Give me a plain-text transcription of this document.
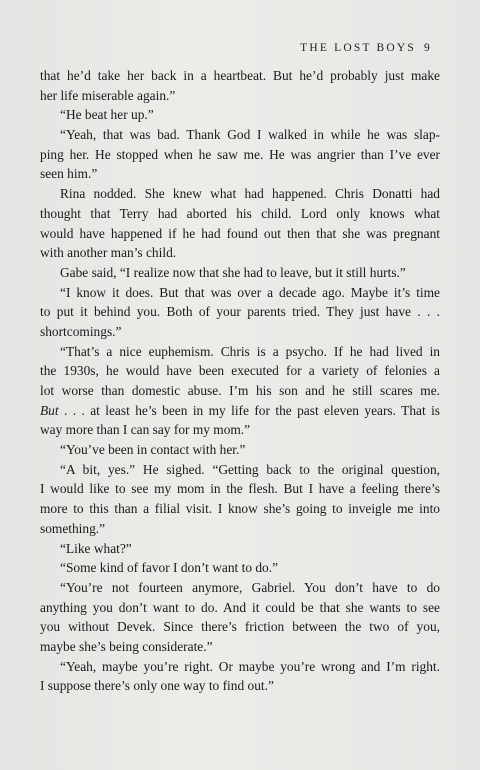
THE LOST BOYS 9
that he’d take her back in a heartbeat. But he’d probably just make
her life miserable again.”
“He beat her up.”
“Yeah, that was bad. Thank God I walked in while he was slap-
ping her. He stopped when he saw me. He was angrier than I’ve ever
seen him.”
Rina nodded. She knew what had happened. Chris Donatti had
thought that Terry had aborted his child. Lord only knows what
would have happened if he had found out then that she was pregnant
with another man’s child.
Gabe said, “I realize now that she had to leave, but it still hurts.”
“I know it does. But that was over a decade ago. Maybe it’s time
to put it behind you. Both of your parents tried. They just have . . .
shortcomings.”
“That’s a nice euphemism. Chris is a psycho. If he had lived in
the 1930s, he would have been executed for a variety of felonies a
lot worse than domestic abuse. I’m his son and he still scares me.
But . . . at least he’s been in my life for the past eleven years. That is
way more than I can say for my mom.”
“You’ve been in contact with her.”
“A bit, yes.” He sighed. “Getting back to the original question,
I would like to see my mom in the flesh. But I have a feeling there’s
more to this than a filial visit. I know she’s going to inveigle me into
something.”
“Like what?”
“Some kind of favor I don’t want to do.”
“You’re not fourteen anymore, Gabriel. You don’t have to do
anything you don’t want to do. And it could be that she wants to see
you without Devek. Since there’s friction between the two of you,
maybe she’s being considerate.”
“Yeah, maybe you’re right. Or maybe you’re wrong and I’m right.
I suppose there’s only one way to find out.”
